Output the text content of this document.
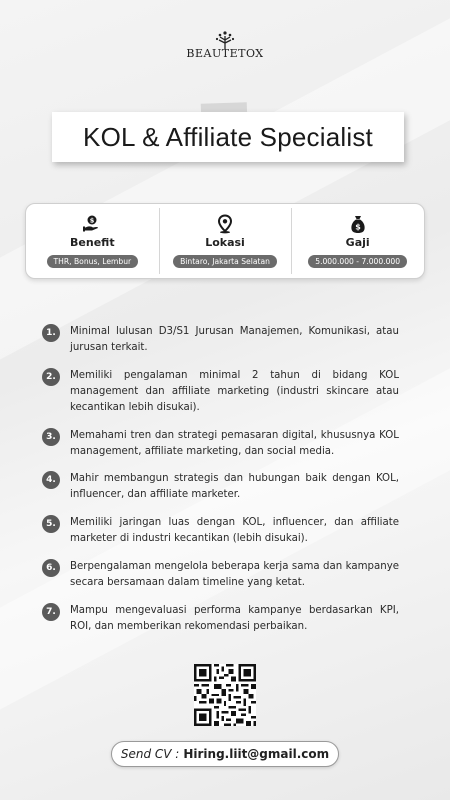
BEAUTETOX
KOL & Affiliate Specialist
$
Benefit
THR, Bonus, Lembur
Lokasi
Bintaro, Jakarta Selatan
$
Gaji
5.000.000 - 7.000.000
1.	Minimal lulusan D3/S1 Jurusan Manajemen, Komunikasi, atau jurusan terkait.
2.	Memiliki pengalaman minimal 2 tahun di bidang KOL management dan affiliate marketing (industri skincare atau kecantikan lebih disukai).
3.	Memahami tren dan strategi pemasaran digital, khususnya KOL management, affiliate marketing, dan social media.
4.	Mahir membangun strategis dan hubungan baik dengan KOL, influencer, dan affiliate marketer.
5.	Memiliki jaringan luas dengan KOL, influencer, dan affiliate marketer di industri kecantikan (lebih disukai).
6.	Berpengalaman mengelola beberapa kerja sama dan kampanye secara bersamaan dalam timeline yang ketat.
7.	Mampu mengevaluasi performa kampanye berdasarkan KPI, ROI, dan memberikan rekomendasi perbaikan.
Send CV : Hiring.liit@gmail.com
